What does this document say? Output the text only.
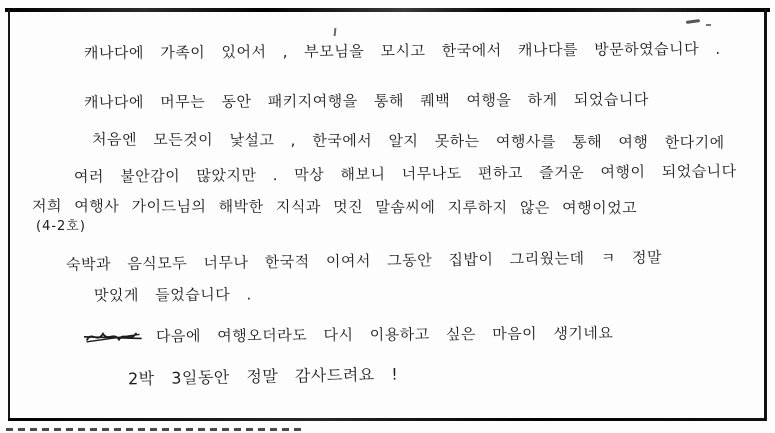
캐나다에 가족이 있어서 , 부모님을 모시고 한국에서 캐나다를 방문하였습니다 .
캐나다에 머무는 동안 패키지여행을 통해 퀘백 여행을 하게 되었습니다
처음엔 모든것이 낯설고 , 한국에서 알지 못하는 여행사를 통해 여행 한다기에
여러 불안감이 많았지만 . 막상 해보니 너무나도 편하고 즐거운 여행이 되었습니다
저희 여행사 가이드님의 해박한 지식과 멋진 말솜씨에 지루하지 않은 여행이었고
(4-2호)
숙박과 음식모두 너무나 한국적 이여서 그동안 집밥이 그리웠는데 ㅋ 정말
맛있게 들었습니다 .
다음에 여행오더라도 다시 이용하고 싶은 마음이 생기네요
2박 3일동안 정말 감사드려요 !
